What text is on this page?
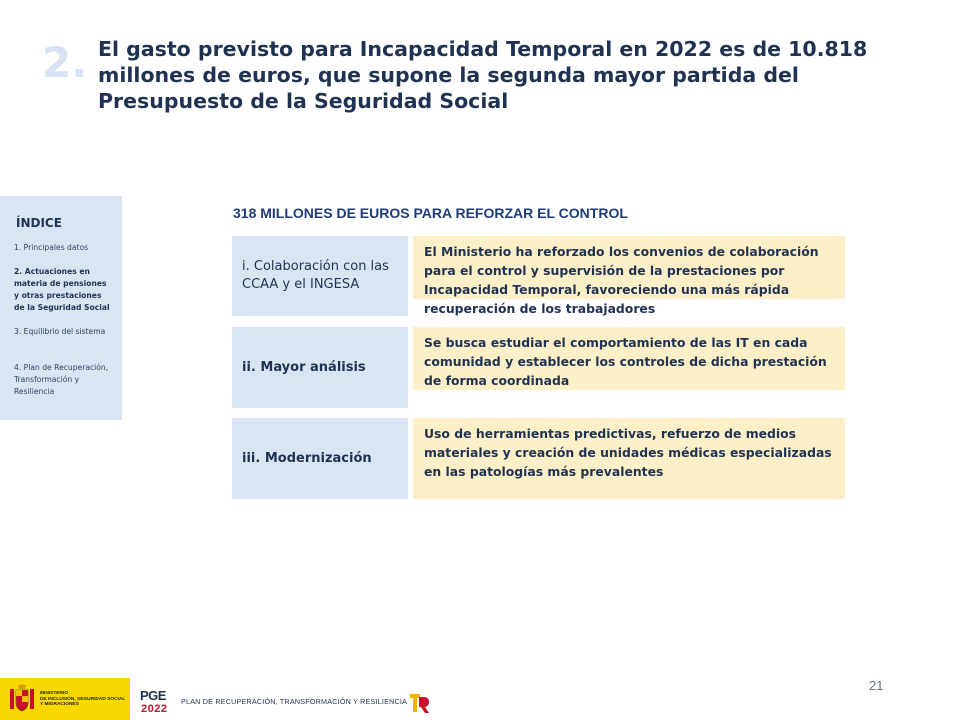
2. El gasto previsto para Incapacidad Temporal en 2022 es de 10.818 millones de euros, que supone la segunda mayor partida del Presupuesto de la Seguridad Social
ÍNDICE
1. Principales datos
2. Actuaciones en materia de pensiones y otras prestaciones de la Seguridad Social
3. Equilibrio del sistema
4. Plan de Recuperación, Transformación y Resiliencia
318 MILLONES DE EUROS PARA REFORZAR EL CONTROL
i. Colaboración con las CCAA y el INGESA
El Ministerio ha reforzado los convenios de colaboración para el control y supervisión de la prestaciones por Incapacidad Temporal, favoreciendo una más rápida recuperación de los trabajadores
ii. Mayor análisis
Se busca estudiar el comportamiento de las IT en cada comunidad y establecer los controles de dicha prestación de forma coordinada
iii. Modernización
Uso de herramientas predictivas, refuerzo de medios materiales y creación de unidades médicas especializadas en las patologías más prevalentes
21
MINISTERIO
DE INCLUSIÓN, SEGURIDAD SOCIAL
Y MIGRACIONES
PGE
2022
PLAN DE RECUPERACIÓN, TRANSFORMACIÓN Y RESILIENCIA
